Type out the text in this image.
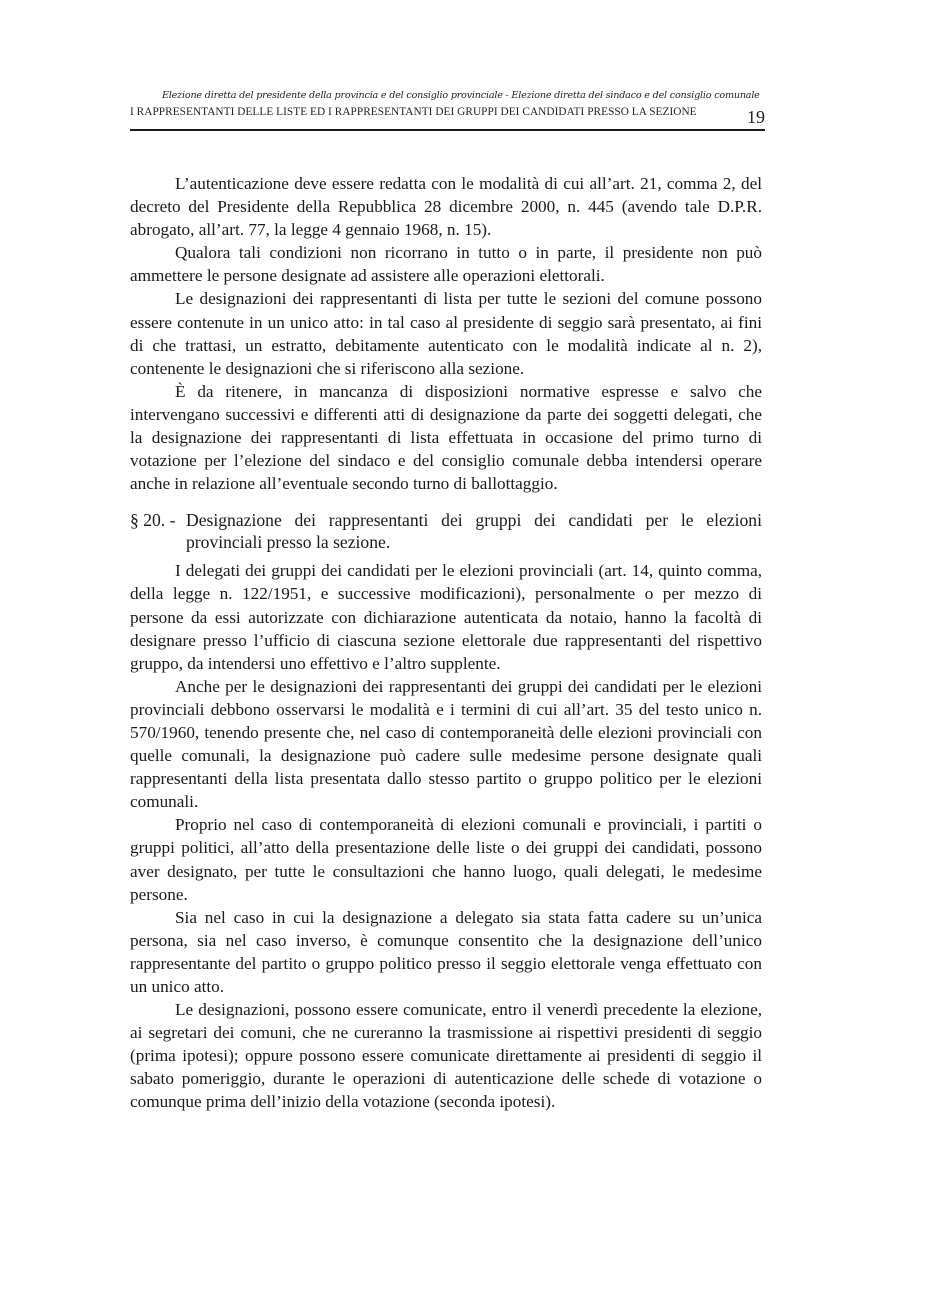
Elezione diretta del presidente della provincia e del consiglio provinciale - Elezione diretta del sindaco e del consiglio comunale
I RAPPRESENTANTI DELLE LISTE ED I RAPPRESENTANTI DEI GRUPPI DEI CANDIDATI PRESSO LA SEZIONE	19

L’autenticazione deve essere redatta con le modalità di cui all’art. 21, comma 2, del decreto del Presidente della Repubblica 28 dicembre 2000, n. 445 (avendo tale D.P.R. abrogato, all’art. 77, la legge 4 gennaio 1968, n. 15).

Qualora tali condizioni non ricorrano in tutto o in parte, il presidente non può ammettere le persone designate ad assistere alle operazioni elettorali.

Le designazioni dei rappresentanti di lista per tutte le sezioni del comune possono essere contenute in un unico atto: in tal caso al presidente di seggio sarà presentato, ai fini di che trattasi, un estratto, debitamente autenticato con le modalità indicate al n. 2), contenente le designazioni che si riferiscono alla sezione.

È da ritenere, in mancanza di disposizioni normative espresse e salvo che intervengano successivi e differenti atti di designazione da parte dei soggetti delegati, che la designazione dei rappresentanti di lista effettuata in occasione del primo turno di votazione per l’elezione del sindaco e del consiglio comunale debba intendersi operare anche in relazione all’eventuale secondo turno di ballottaggio.

§ 20. - Designazione dei rappresentanti dei gruppi dei candidati per le elezioni provinciali presso la sezione.

I delegati dei gruppi dei candidati per le elezioni provinciali (art. 14, quinto comma, della legge n. 122/1951, e successive modificazioni), personalmente o per mezzo di persone da essi autorizzate con dichiarazione autenticata da notaio, hanno la facoltà di designare presso l’ufficio di ciascuna sezione elettorale due rappresentanti del rispettivo gruppo, da intendersi uno effettivo e l’altro supplente.

Anche per le designazioni dei rappresentanti dei gruppi dei candidati per le elezioni provinciali debbono osservarsi le modalità e i termini di cui all’art. 35 del testo unico n. 570/1960, tenendo presente che, nel caso di contemporaneità delle elezioni provinciali con quelle comunali, la designazione può cadere sulle medesime persone designate quali rappresentanti della lista presentata dallo stesso partito o gruppo politico per le elezioni comunali.

Proprio nel caso di contemporaneità di elezioni comunali e provinciali, i partiti o gruppi politici, all’atto della presentazione delle liste o dei gruppi dei candidati, possono aver designato, per tutte le consultazioni che hanno luogo, quali delegati, le medesime persone.

Sia nel caso in cui la designazione a delegato sia stata fatta cadere su un’unica persona, sia nel caso inverso, è comunque consentito che la designazione dell’unico rappresentante del partito o gruppo politico presso il seggio elettorale venga effettuato con un unico atto.

Le designazioni, possono essere comunicate, entro il venerdì precedente la elezione, ai segretari dei comuni, che ne cureranno la trasmissione ai rispettivi presidenti di seggio (prima ipotesi); oppure possono essere comunicate direttamente ai presidenti di seggio il sabato pomeriggio, durante le operazioni di autenticazione delle schede di votazione o comunque prima dell’inizio della votazione (seconda ipotesi).
